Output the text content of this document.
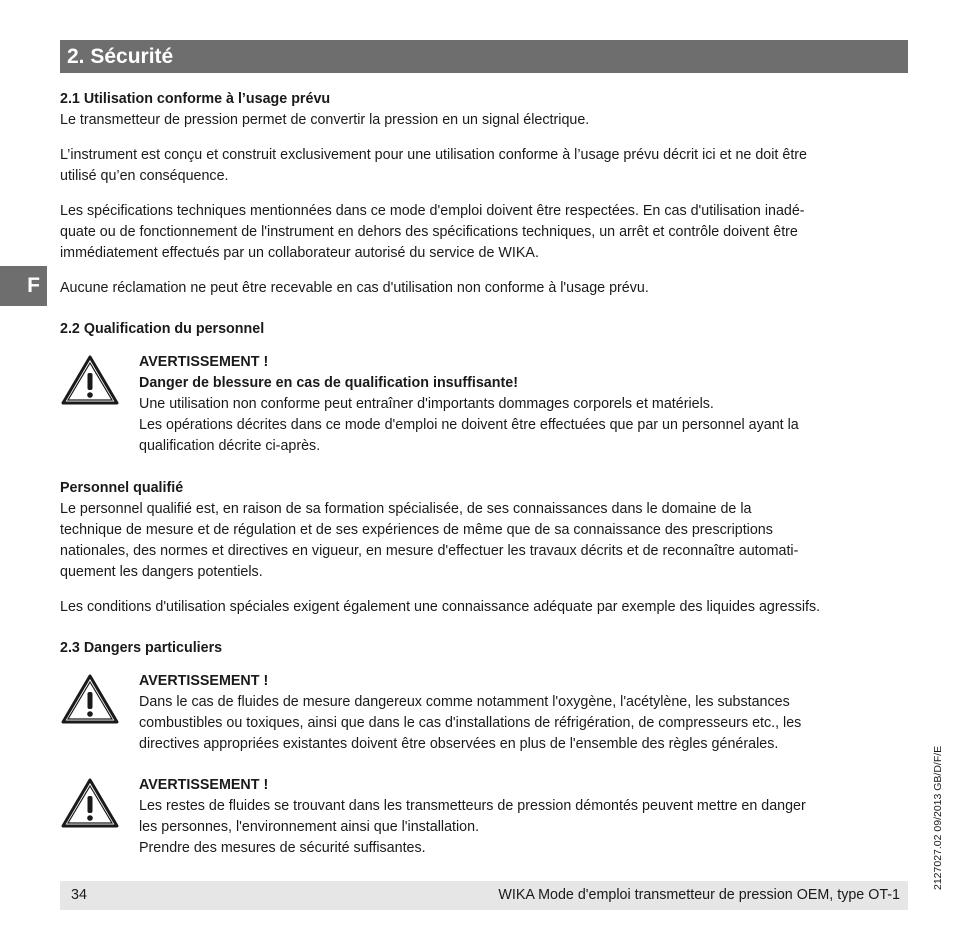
2. Sécurité
F

2.1 Utilisation conforme à l’usage prévu

Le transmetteur de pression permet de convertir la pression en un signal électrique.

L’instrument est conçu et construit exclusivement pour une utilisation conforme à l’usage prévu décrit ici et ne doit être

utilisé qu’en conséquence.

Les spécifications techniques mentionnées dans ce mode d'emploi doivent être respectées. En cas d'utilisation inadé-

quate ou de fonctionnement de l'instrument en dehors des spécifications techniques, un arrêt et contrôle doivent être

immédiatement effectués par un collaborateur autorisé du service de WIKA.

Aucune réclamation ne peut être recevable en cas d'utilisation non conforme à l'usage prévu.

2.2 Qualification du personnel

AVERTISSEMENT !

Danger de blessure en cas de qualification insuffisante!

Une utilisation non conforme peut entraîner d'importants dommages corporels et matériels.

Les opérations décrites dans ce mode d'emploi ne doivent être effectuées que par un personnel ayant la

qualification décrite ci-après.

Personnel qualifié

Le personnel qualifié est, en raison de sa formation spécialisée, de ses connaissances dans le domaine de la

technique de mesure et de régulation et de ses expériences de même que de sa connaissance des prescriptions

nationales, des normes et directives en vigueur, en mesure d'effectuer les travaux décrits et de reconnaître automati-

quement les dangers potentiels.

Les conditions d'utilisation spéciales exigent également une connaissance adéquate par exemple des liquides agressifs.

2.3 Dangers particuliers

AVERTISSEMENT !

Dans le cas de fluides de mesure dangereux comme notamment l'oxygène, l'acétylène, les substances

combustibles ou toxiques, ainsi que dans le cas d'installations de réfrigération, de compresseurs etc., les

directives appropriées existantes doivent être observées en plus de l'ensemble des règles générales.

AVERTISSEMENT !

Les restes de fluides se trouvant dans les transmetteurs de pression démontés peuvent mettre en danger

les personnes, l'environnement ainsi que l'installation.

Prendre des mesures de sécurité suffisantes.

34	WIKA Mode d'emploi transmetteur de pression OEM, type OT-1
2127027.02 09/2013 GB/D/F/E
